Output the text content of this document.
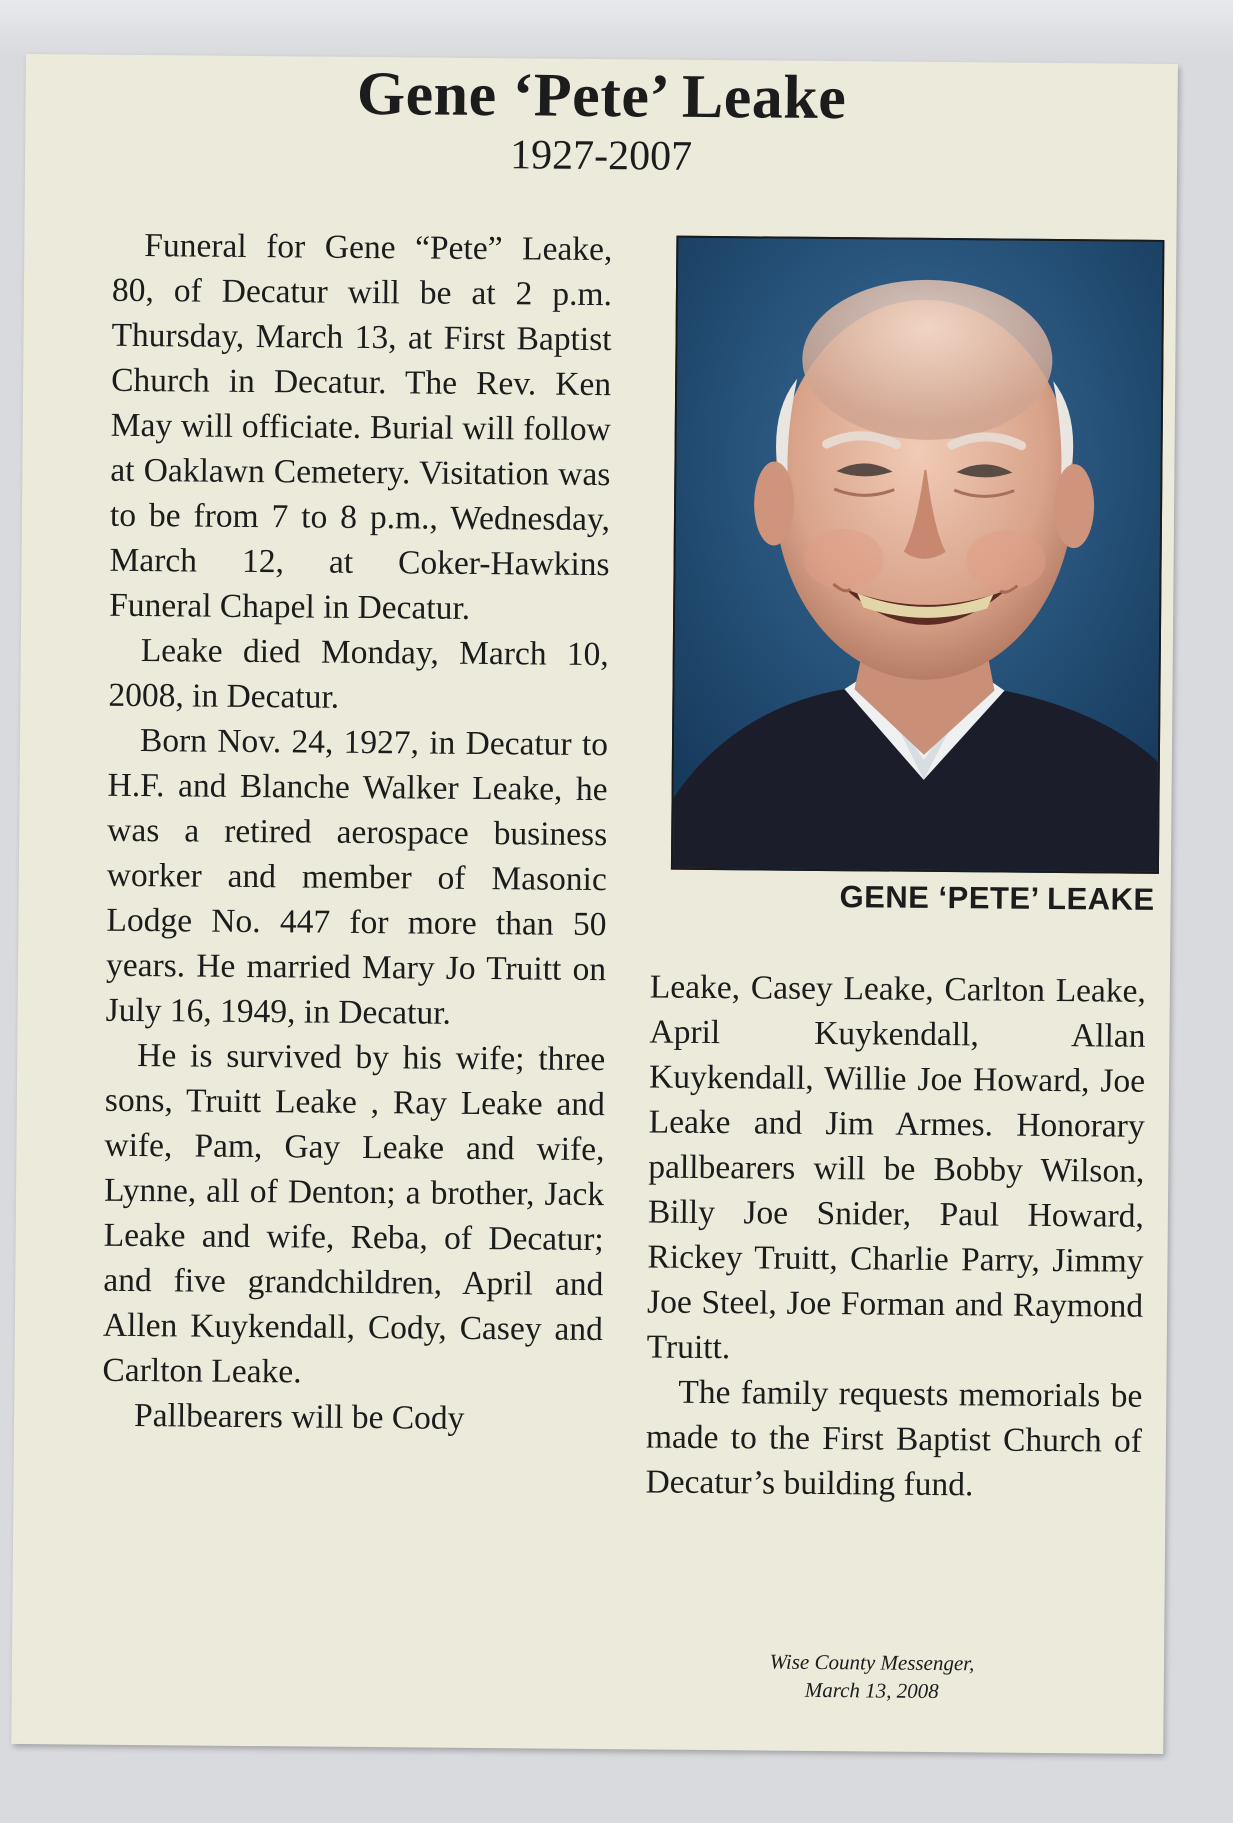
Gene ‘Pete’ Leake
1927-2007

Funeral for Gene “Pete” Leake, 80, of Decatur will be at 2 p.m. Thursday, March 13, at First Baptist Church in Decatur. The Rev. Ken May will officiate. Burial will follow at Oaklawn Cemetery. Visitation was to be from 7 to 8 p.m., Wednesday, March 12, at Coker-Hawkins Funeral Chapel in Decatur.

Leake died Monday, March 10, 2008, in Decatur.

Born Nov. 24, 1927, in Decatur to H.F. and Blanche Walker Leake, he was a retired aerospace business worker and member of Masonic Lodge No. 447 for more than 50 years. He married Mary Jo Truitt on July 16, 1949, in Decatur.

He is survived by his wife; three sons, Truitt Leake , Ray Leake and wife, Pam, Gay Leake and wife, Lynne, all of Denton; a brother, Jack Leake and wife, Reba, of Decatur; and five grandchildren, April and Allen Kuykendall, Cody, Casey and Carlton Leake.

Pallbearers will be Cody

GENE ‘PETE’ LEAKE

Leake, Casey Leake, Carlton Leake, April Kuykendall, Allan Kuykendall, Willie Joe Howard, Joe Leake and Jim Armes. Honorary pallbearers will be Bobby Wilson, Billy Joe Snider, Paul Howard, Rickey Truitt, Charlie Parry, Jimmy Joe Steel, Joe Forman and Raymond Truitt.

The family requests memorials be made to the First Baptist Church of Decatur’s building fund.

Wise County Messenger,
March 13, 2008
